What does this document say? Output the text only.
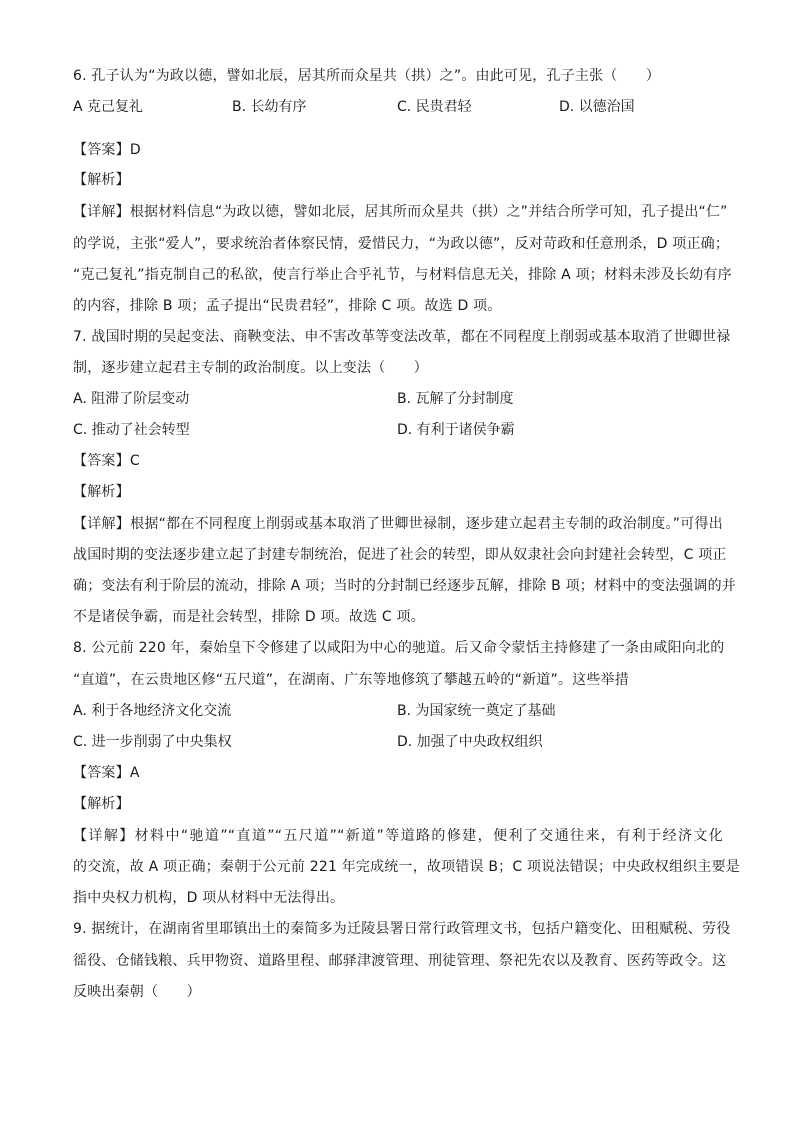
6. 孔子认为“为政以德，譬如北辰，居其所而众星共（拱）之”。由此可见，孔子主张（　　）
A 克己复礼	B. 长幼有序	C. 民贵君轻	D. 以德治国
【答案】D
【解析】
【详解】根据材料信息“为政以德，譬如北辰，居其所而众星共（拱）之”并结合所学可知，孔子提出“仁”
的学说，主张“爱人”，要求统治者体察民情，爱惜民力，“为政以德”，反对苛政和任意刑杀，D 项正确；
“克己复礼”指克制自己的私欲，使言行举止合乎礼节，与材料信息无关，排除 A 项；材料未涉及长幼有序
的内容，排除 B 项；孟子提出“民贵君轻”，排除 C 项。故选 D 项。
7. 战国时期的吴起变法、商鞅变法、申不害改革等变法改革，都在不同程度上削弱或基本取消了世卿世禄
制，逐步建立起君主专制的政治制度。以上变法（　　）
A. 阻滞了阶层变动	B. 瓦解了分封制度
C. 推动了社会转型	D. 有利于诸侯争霸
【答案】C
【解析】
【详解】根据“都在不同程度上削弱或基本取消了世卿世禄制，逐步建立起君主专制的政治制度。”可得出
战国时期的变法逐步建立起了封建专制统治，促进了社会的转型，即从奴隶社会向封建社会转型，C 项正
确；变法有利于阶层的流动，排除 A 项；当时的分封制已经逐步瓦解，排除 B 项；材料中的变法强调的并
不是诸侯争霸，而是社会转型，排除 D 项。故选 C 项。
8. 公元前 220 年，秦始皇下令修建了以咸阳为中心的驰道。后又命令蒙恬主持修建了一条由咸阳向北的
“直道”，在云贵地区修“五尺道”，在湖南、广东等地修筑了攀越五岭的“新道”。这些举措
A. 利于各地经济文化交流	B. 为国家统一奠定了基础
C. 进一步削弱了中央集权	D. 加强了中央政权组织
【答案】A
【解析】
【详解】材料中“驰道”“直道”“五尺道”“新道”等道路的修建，便利了交通往来，有利于经济文化
的交流，故 A 项正确；秦朝于公元前 221 年完成统一，故项错误 B；C 项说法错误；中央政权组织主要是
指中央权力机构，D 项从材料中无法得出。
9. 据统计，在湖南省里耶镇出土的秦简多为迁陵县署日常行政管理文书，包括户籍变化、田租赋税、劳役
徭役、仓储钱粮、兵甲物资、道路里程、邮驿津渡管理、刑徒管理、祭祀先农以及教育、医药等政令。这
反映出秦朝（　　）
